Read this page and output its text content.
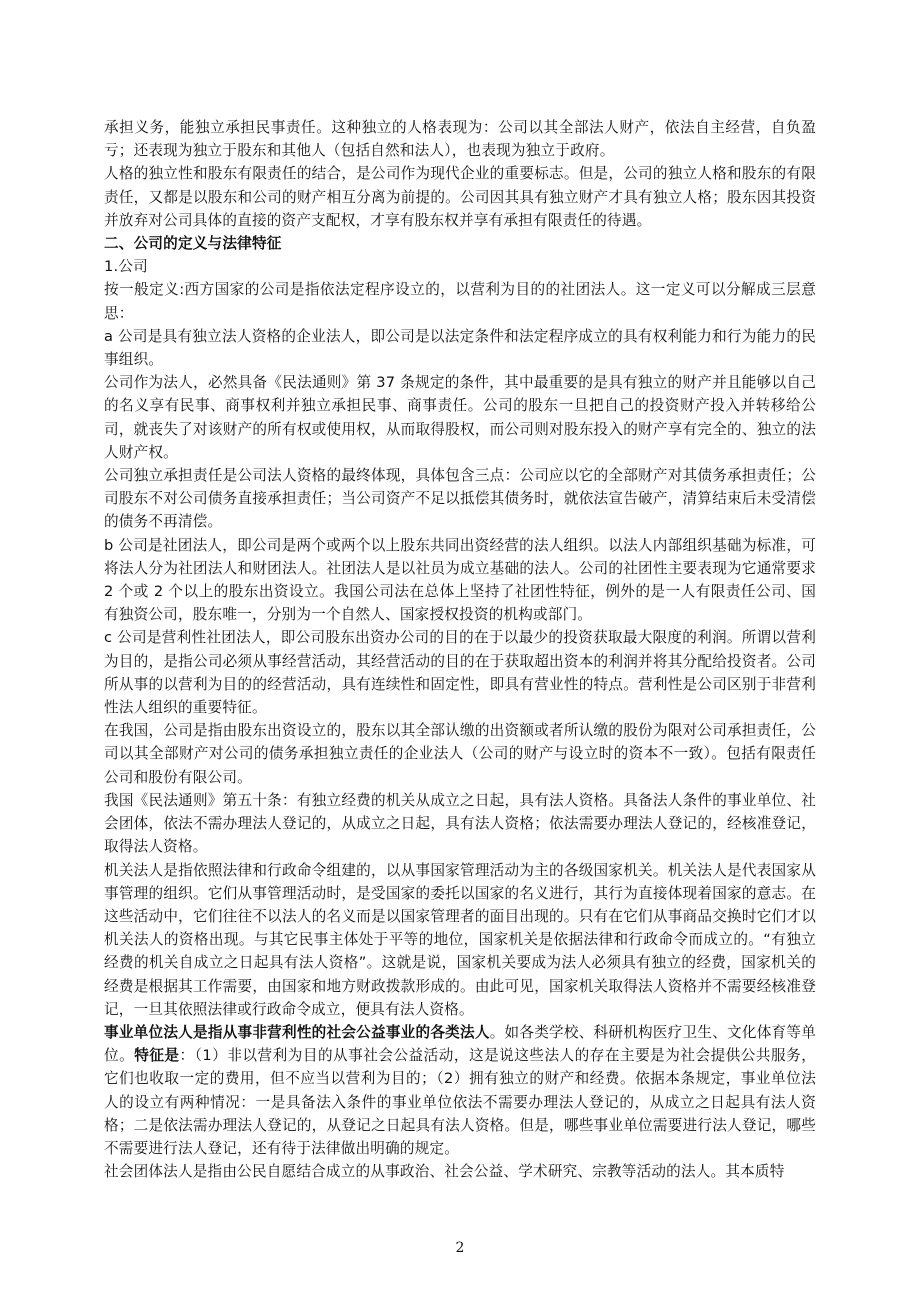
承担义务，能独立承担民事责任。这种独立的人格表现为：公司以其全部法人财产，依法自主经营，自负盈亏；还表现为独立于股东和其他人（包括自然和法人），也表现为独立于政府。

人格的独立性和股东有限责任的结合，是公司作为现代企业的重要标志。但是，公司的独立人格和股东的有限责任，又都是以股东和公司的财产相互分离为前提的。公司因其具有独立财产才具有独立人格；股东因其投资并放弃对公司具体的直接的资产支配权，才享有股东权并享有承担有限责任的待遇。

二、公司的定义与法律特征

1.公司

按一般定义:西方国家的公司是指依法定程序设立的，以营利为目的的社团法人。这一定义可以分解成三层意思：

a 公司是具有独立法人资格的企业法人，即公司是以法定条件和法定程序成立的具有权利能力和行为能力的民事组织。

公司作为法人，必然具备《民法通则》第 37 条规定的条件，其中最重要的是具有独立的财产并且能够以自己的名义享有民事、商事权利并独立承担民事、商事责任。公司的股东一旦把自己的投资财产投入并转移给公司，就丧失了对该财产的所有权或使用权，从而取得股权，而公司则对股东投入的财产享有完全的、独立的法人财产权。

公司独立承担责任是公司法人资格的最终体现，具体包含三点：公司应以它的全部财产对其债务承担责任；公司股东不对公司债务直接承担责任；当公司资产不足以抵偿其债务时，就依法宣告破产，清算结束后未受清偿的债务不再清偿。

b 公司是社团法人，即公司是两个或两个以上股东共同出资经营的法人组织。以法人内部组织基础为标准，可将法人分为社团法人和财团法人。社团法人是以社员为成立基础的法人。公司的社团性主要表现为它通常要求 2 个或 2 个以上的股东出资设立。我国公司法在总体上坚持了社团性特征，例外的是一人有限责任公司、国有独资公司，股东唯一，分别为一个自然人、国家授权投资的机构或部门。

c 公司是营利性社团法人，即公司股东出资办公司的目的在于以最少的投资获取最大限度的利润。所谓以营利为目的，是指公司必须从事经营活动，其经营活动的目的在于获取超出资本的利润并将其分配给投资者。公司所从事的以营利为目的的经营活动，具有连续性和固定性，即具有营业性的特点。营利性是公司区别于非营利性法人组织的重要特征。

在我国，公司是指由股东出资设立的，股东以其全部认缴的出资额或者所认缴的股份为限对公司承担责任，公司以其全部财产对公司的债务承担独立责任的企业法人（公司的财产与设立时的资本不一致）。包括有限责任公司和股份有限公司。

我国《民法通则》第五十条：有独立经费的机关从成立之日起，具有法人资格。具备法人条件的事业单位、社会团体，依法不需办理法人登记的，从成立之日起，具有法人资格；依法需要办理法人登记的，经核准登记，取得法人资格。

机关法人是指依照法律和行政命令组建的，以从事国家管理活动为主的各级国家机关。机关法人是代表国家从事管理的组织。它们从事管理活动时，是受国家的委托以国家的名义进行，其行为直接体现着国家的意志。在这些活动中，它们往往不以法人的名义而是以国家管理者的面目出现的。只有在它们从事商品交换时它们才以机关法人的资格出现。与其它民事主体处于平等的地位，国家机关是依据法律和行政命令而成立的。“有独立经费的机关自成立之日起具有法人资格”。这就是说，国家机关要成为法人必须具有独立的经费，国家机关的经费是根据其工作需要，由国家和地方财政拨款形成的。由此可见，国家机关取得法人资格并不需要经核准登记，一旦其依照法律或行政命令成立，便具有法人资格。

事业单位法人是指从事非营利性的社会公益事业的各类法人。如各类学校、科研机构医疗卫生、文化体育等单位。特征是：（1）非以营利为目的从事社会公益活动，这是说这些法人的存在主要是为社会提供公共服务，它们也收取一定的费用，但不应当以营利为目的；（2）拥有独立的财产和经费。依据本条规定，事业单位法人的设立有两种情况：一是具备法入条件的事业单位依法不需要办理法人登记的，从成立之日起具有法人资格；二是依法需办理法人登记的，从登记之日起具有法人资格。但是，哪些事业单位需要进行法人登记，哪些不需要进行法人登记，还有待于法律做出明确的规定。

社会团体法人是指由公民自愿结合成立的从事政治、社会公益、学术研究、宗教等活动的法人。其本质特

2
